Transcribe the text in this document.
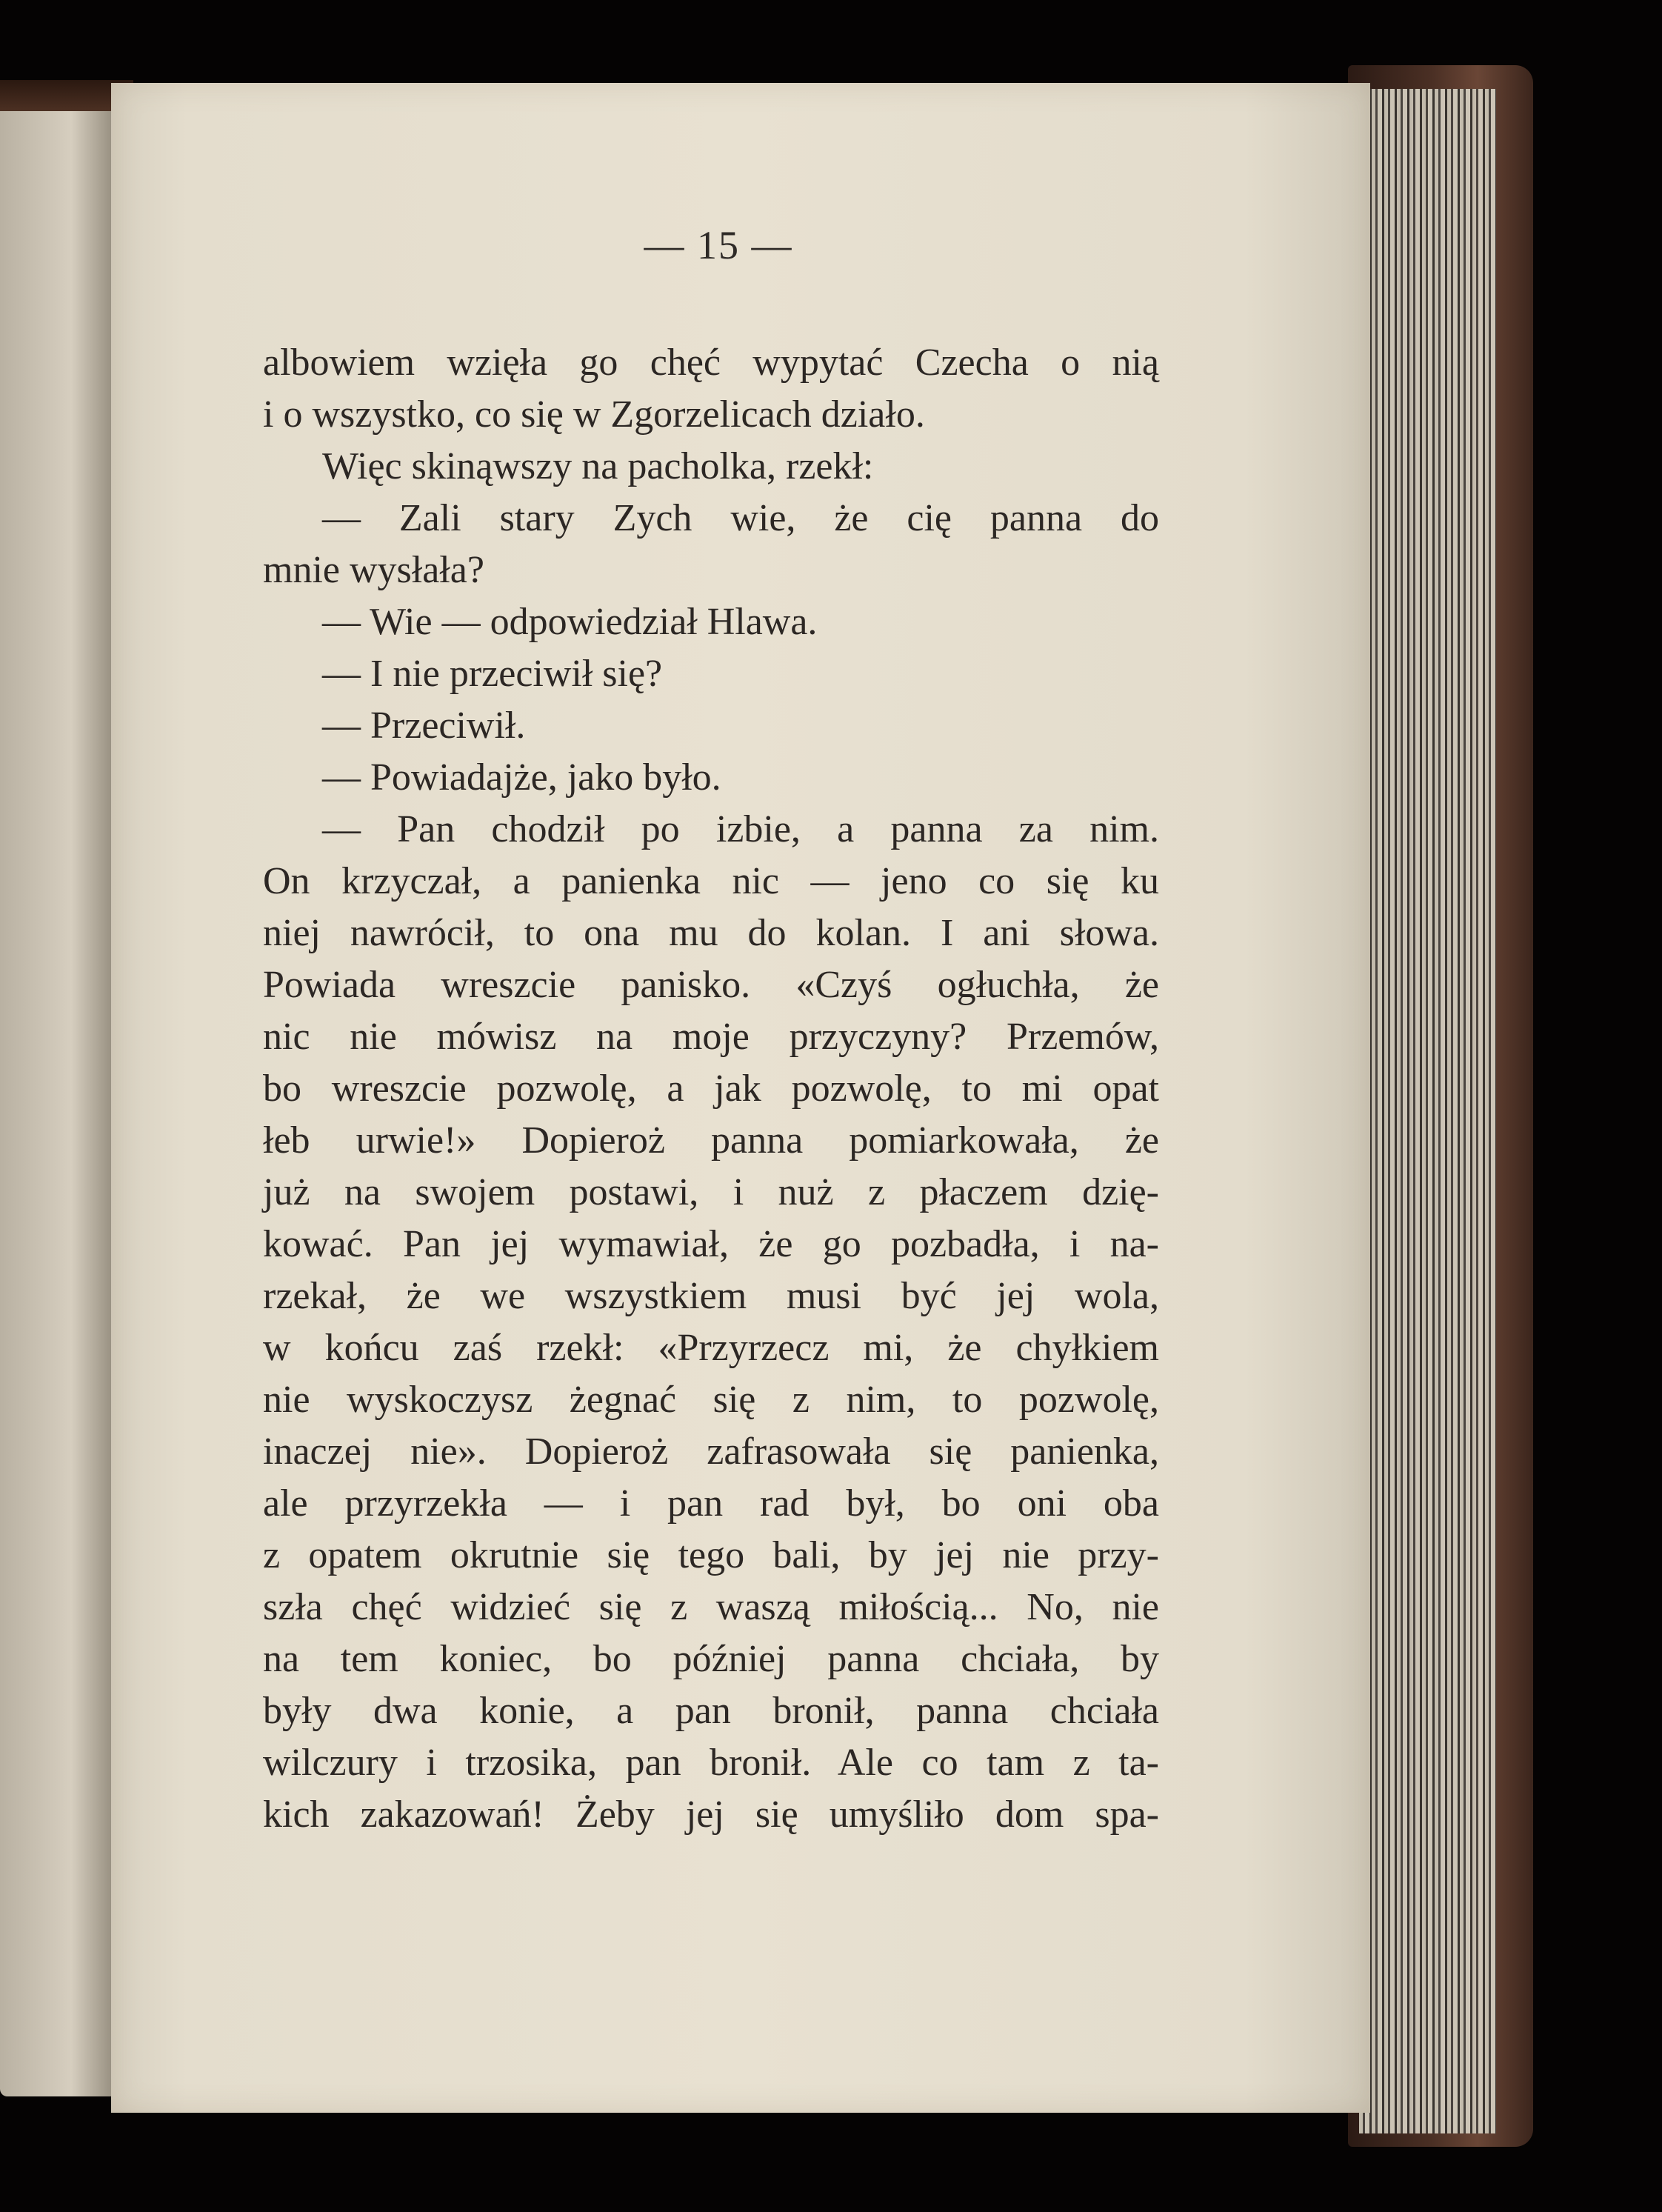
— 15 —
albowiem wzięła go chęć wypytać Czecha o nią
i o wszystko, co się w Zgorzelicach działo.
Więc skinąwszy na pacholka, rzekł:
— Zali stary Zych wie, że cię panna do
mnie wysłała?
— Wie — odpowiedział Hlawa.
— I nie przeciwił się?
— Przeciwił.
— Powiadajże, jako było.
— Pan chodził po izbie, a panna za nim.
On krzyczał, a panienka nic — jeno co się ku
niej nawrócił, to ona mu do kolan. I ani słowa.
Powiada wreszcie panisko. «Czyś ogłuchła, że
nic nie mówisz na moje przyczyny? Przemów,
bo wreszcie pozwolę, a jak pozwolę, to mi opat
łeb urwie!» Dopieroż panna pomiarkowała, że
już na swojem postawi, i nuż z płaczem dzię-
kować. Pan jej wymawiał, że go pozbadła, i na-
rzekał, że we wszystkiem musi być jej wola,
w końcu zaś rzekł: «Przyrzecz mi, że chyłkiem
nie wyskoczysz żegnać się z nim, to pozwolę,
inaczej nie». Dopieroż zafrasowała się panienka,
ale przyrzekła — i pan rad był, bo oni oba
z opatem okrutnie się tego bali, by jej nie przy-
szła chęć widzieć się z waszą miłością... No, nie
na tem koniec, bo później panna chciała, by
były dwa konie, a pan bronił, panna chciała
wilczury i trzosika, pan bronił. Ale co tam z ta-
kich zakazowań! Żeby jej się umyśliło dom spa-
